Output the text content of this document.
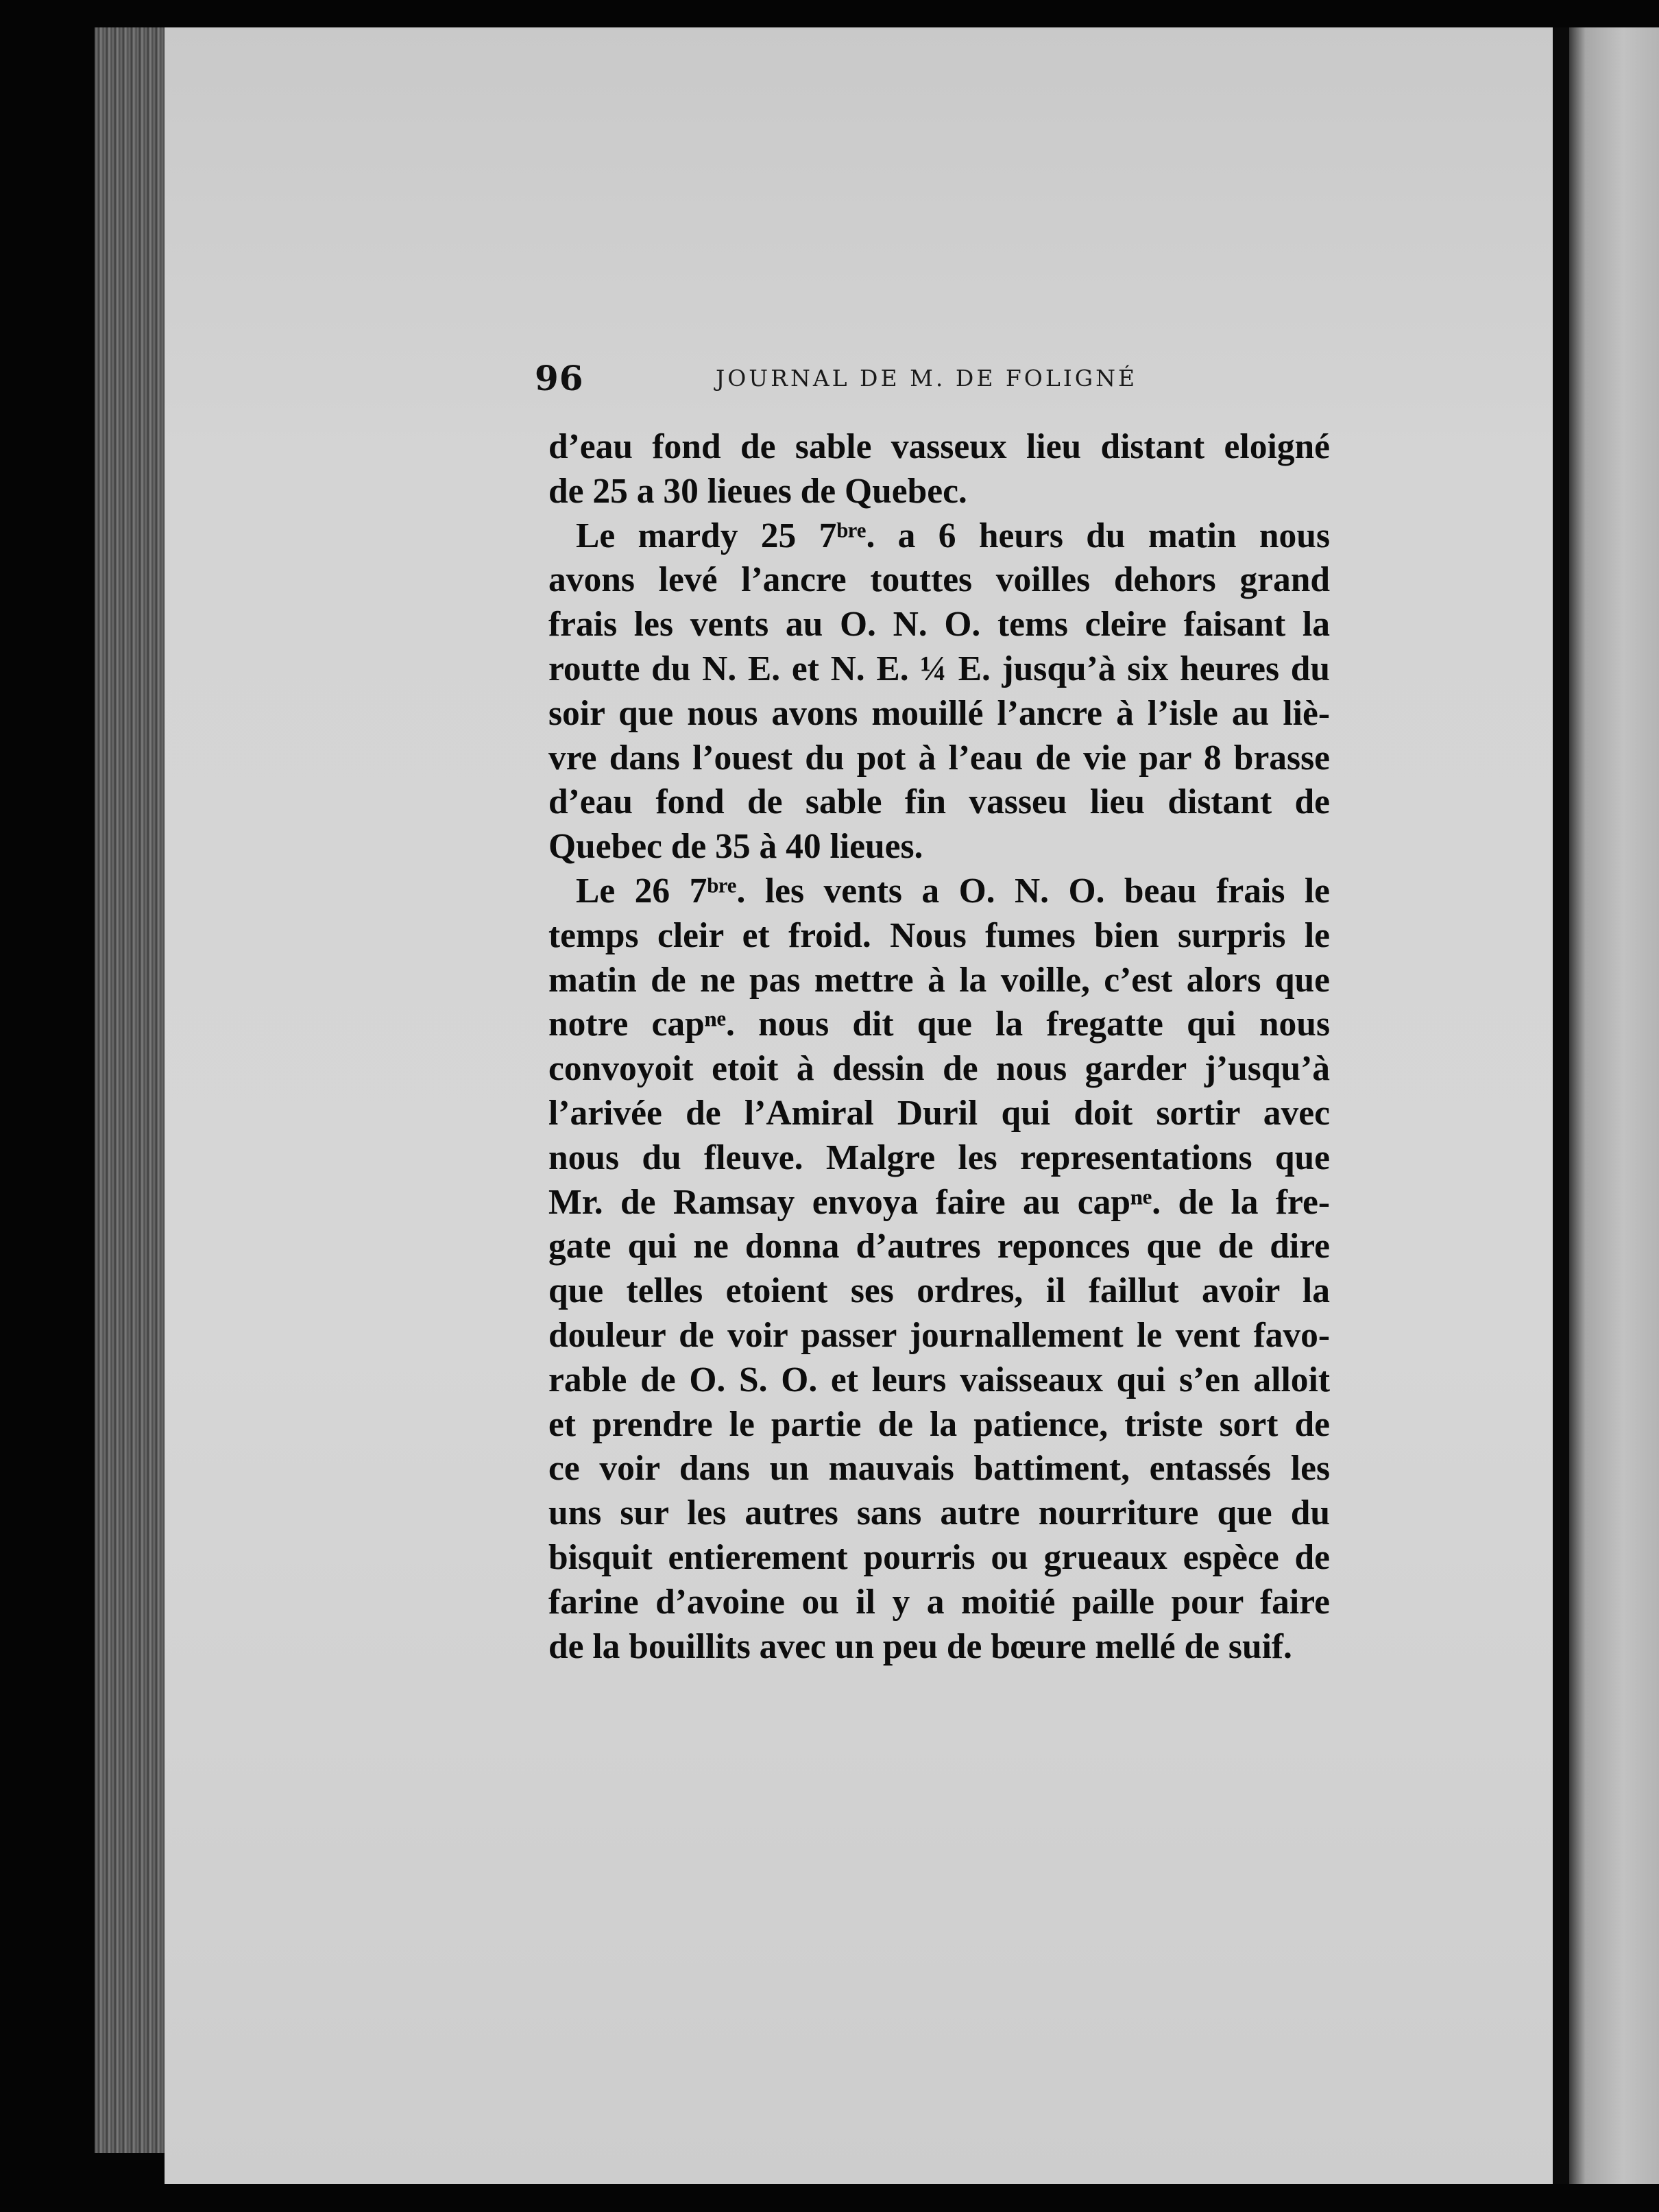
96	JOURNAL DE M. DE FOLIGNÉ
d’eau fond de sable vasseux lieu distant eloigné
de 25 a 30 lieues de Quebec.
Le mardy 25 7ᵇʳᵉ. a 6 heurs du matin nous
avons levé l’ancre touttes voilles dehors grand
frais les vents au O. N. O. tems cleire faisant la
routte du N. E. et N. E. ¼ E. jusqu’à six heures du
soir que nous avons mouillé l’ancre à l’isle au liè-
vre dans l’ouest du pot à l’eau de vie par 8 brasse
d’eau fond de sable fin vasseu lieu distant de
Quebec de 35 à 40 lieues.
Le 26 7ᵇʳᵉ. les vents a O. N. O. beau frais le
temps cleir et froid. Nous fumes bien surpris le
matin de ne pas mettre à la voille, c’est alors que
notre capⁿᵉ. nous dit que la fregatte qui nous
convoyoit etoit à dessin de nous garder j’usqu’à
l’arivée de l’Amiral Duril qui doit sortir avec
nous du fleuve. Malgre les representations que
Mr. de Ramsay envoya faire au capⁿᵉ. de la fre-
gate qui ne donna d’autres reponces que de dire
que telles etoient ses ordres, il faillut avoir la
douleur de voir passer journallement le vent favo-
rable de O. S. O. et leurs vaisseaux qui s’en alloit
et prendre le partie de la patience, triste sort de
ce voir dans un mauvais battiment, entassés les
uns sur les autres sans autre nourriture que du
bisquit entierement pourris ou grueaux espèce de
farine d’avoine ou il y a moitié paille pour faire
de la bouillits avec un peu de bœure mellé de suif.
